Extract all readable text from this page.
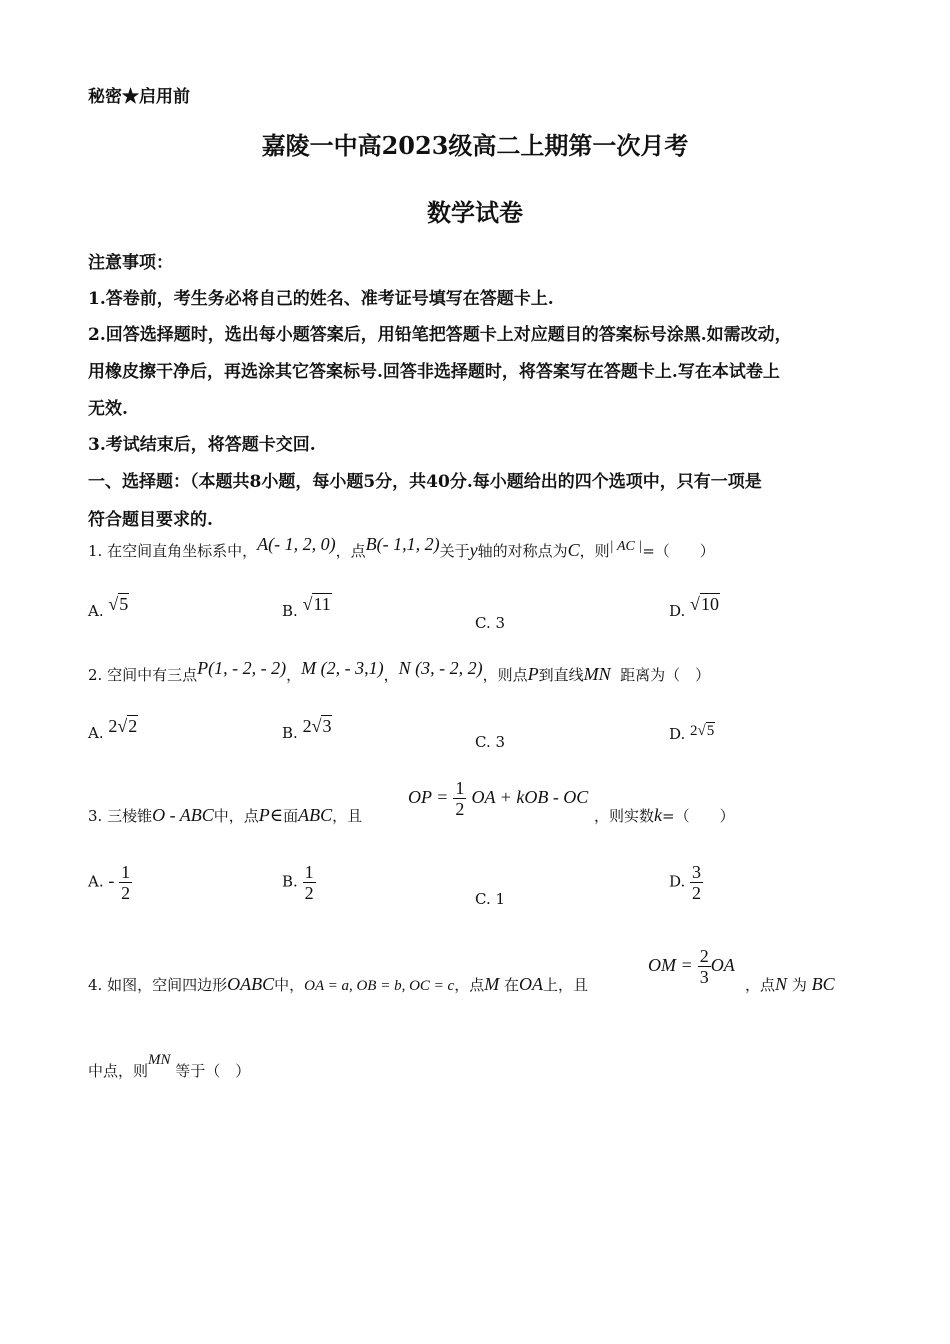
秘密★启用前
嘉陵一中高2023级高二上期第一次月考
数学试卷
注意事项：
1.答卷前，考生务必将自己的姓名、准考证号填写在答题卡上.
2.回答选择题时，选出每小题答案后，用铅笔把答题卡上对应题目的答案标号涂黑.如需改动，
用橡皮擦干净后，再选涂其它答案标号.回答非选择题时，将答案写在答题卡上.写在本试卷上
无效.
3.考试结束后，将答题卡交回.
一、选择题：（本题共8小题，每小题5分，共40分.每小题给出的四个选项中，只有一项是
符合题目要求的.
1. 在空间直角坐标系中，A(- 1, 2, 0)，点B(- 1,1, 2)关于y轴的对称点为C，则| AC |=（　　）
A. √5	B. √11
C. 3
D. √10
2. 空间中有三点P(1, - 2, - 2)，M (2, - 3,1)，N (3, - 2, 2)，则点P到直线MN 距离为（　）
A. 2√2	B. 2√3
C. 3	D. 2√5
3. 三棱锥O - ABC中，点P∈面ABC，且
OP = $\frac{1}{2}$ OA + kOB - OC
，则实数k=（　　）
A. - $\frac{1}{2}$	B. $\frac{1}{2}$	C. 1
D. $\frac{3}{2}$
4. 如图，空间四边形OABC中，OA = a, OB = b, OC = c，点M 在OA上，且
OM = $\frac{2}{3}$ OA
，点N 为 BC
中点，则MN 等于（　）
